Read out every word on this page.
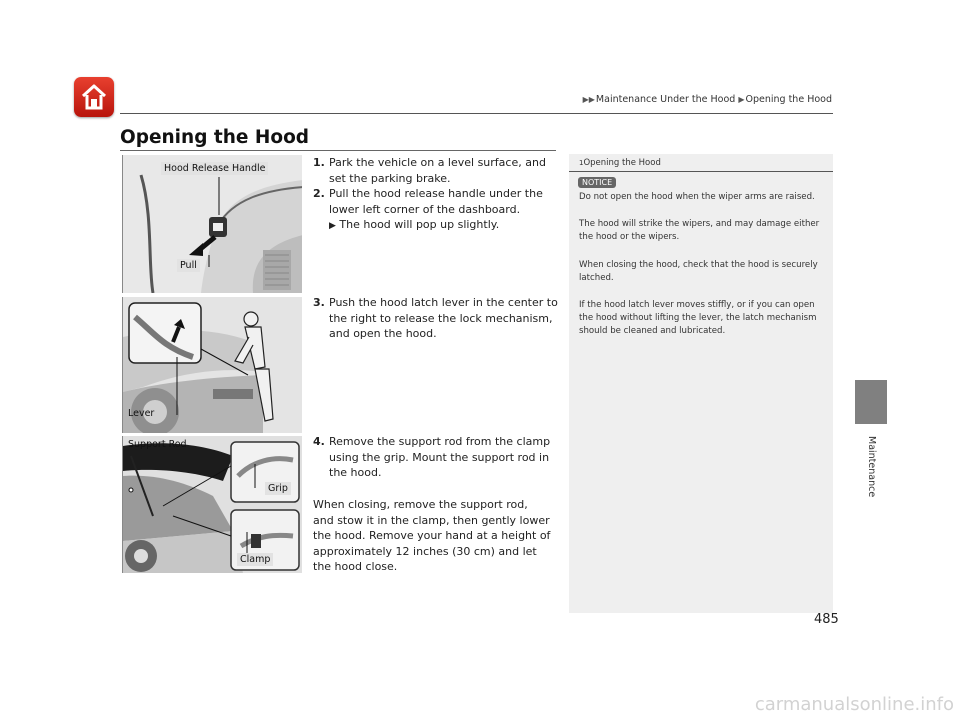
▶▶Maintenance Under the Hood ▶Opening the Hood
Opening the Hood
Hood Release Handle
Pull
Lever
Support Rod
Grip
Clamp
1. Park the vehicle on a level surface, and set the parking brake.
2. Pull the hood release handle under the lower left corner of the dashboard.
▶ The hood will pop up slightly.
3. Push the hood latch lever in the center to the right to release the lock mechanism, and open the hood.
4. Remove the support rod from the clamp using the grip. Mount the support rod in the hood.
When closing, remove the support rod, and stow it in the clamp, then gently lower the hood. Remove your hand at a height of approximately 12 inches (30 cm) and let the hood close.
1Opening the Hood
NOTICE

Do not open the hood when the wiper arms are raised.

The hood will strike the wipers, and may damage either the hood or the wipers.

When closing the hood, check that the hood is securely latched.

If the hood latch lever moves stiffly, or if you can open the hood without lifting the lever, the latch mechanism should be cleaned and lubricated.

Maintenance
485
carmanualsonline.info
